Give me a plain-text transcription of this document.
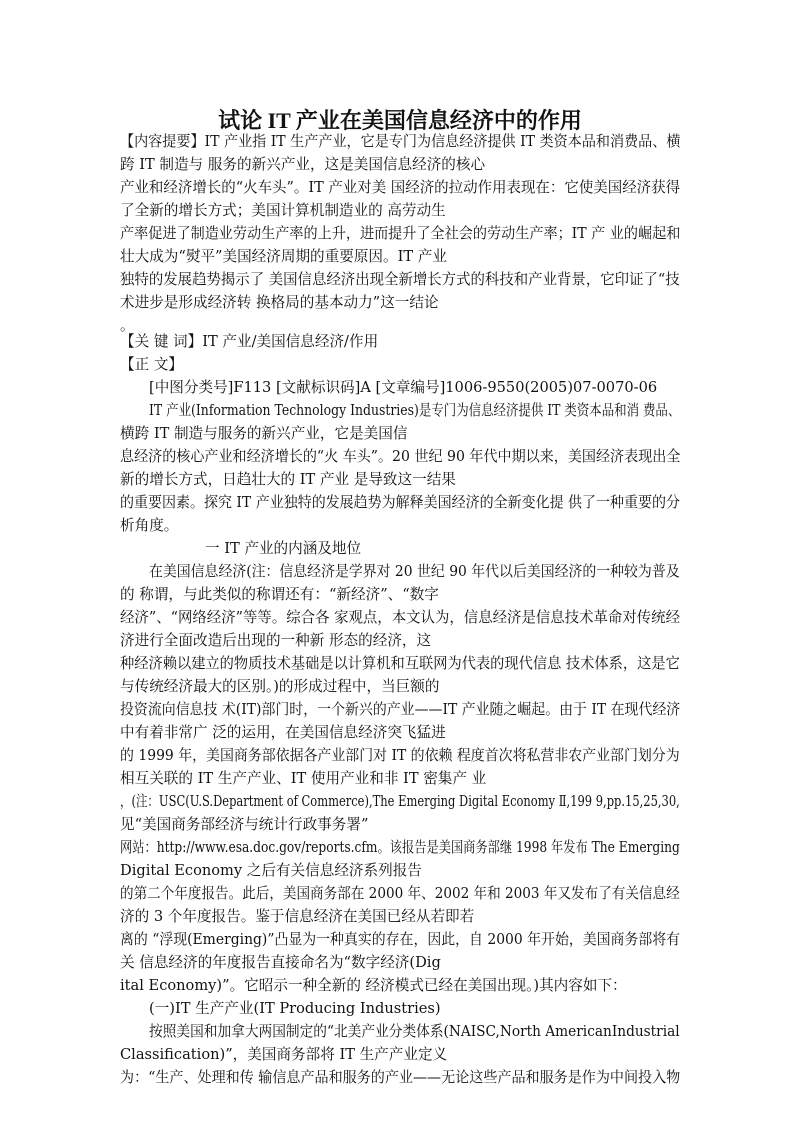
试论 IT 产业在美国信息经济中的作用
【内容提要】IT 产业指 IT 生产产业，它是专门为信息经济提供 IT 类资本品和消费品、横
跨 IT 制造与 服务的新兴产业，这是美国信息经济的核心
产业和经济增长的“火车头”。IT 产业对美 国经济的拉动作用表现在：它使美国经济获得
了全新的增长方式；美国计算机制造业的 高劳动生
产率促进了制造业劳动生产率的上升，进而提升了全社会的劳动生产率；IT 产 业的崛起和
壮大成为“熨平”美国经济周期的重要原因。IT 产业
独特的发展趋势揭示了 美国信息经济出现全新增长方式的科技和产业背景，它印证了“技
术进步是形成经济转 换格局的基本动力”这一结论
。
【关 键 词】IT 产业/美国信息经济/作用
【正 文】
[中图分类号]F113 [文献标识码]A [文章编号]1006-9550(2005)07-0070-06
IT 产业(Information Technology Industries)是专门为信息经济提供 IT 类资本品和消 费品、
横跨 IT 制造与服务的新兴产业，它是美国信
息经济的核心产业和经济增长的“火 车头”。20 世纪 90 年代中期以来，美国经济表现出全
新的增长方式，日趋壮大的 IT 产业 是导致这一结果
的重要因素。探究 IT 产业独特的发展趋势为解释美国经济的全新变化提 供了一种重要的分
析角度。
一 IT 产业的内涵及地位
在美国信息经济(注：信息经济是学界对 20 世纪 90 年代以后美国经济的一种较为普及
的 称谓，与此类似的称谓还有：“新经济”、“数字
经济”、“网络经济”等等。综合各 家观点，本文认为，信息经济是信息技术革命对传统经
济进行全面改造后出现的一种新 形态的经济，这
种经济赖以建立的物质技术基础是以计算机和互联网为代表的现代信息 技术体系，这是它
与传统经济最大的区别。)的形成过程中，当巨额的
投资流向信息技 术(IT)部门时，一个新兴的产业——IT 产业随之崛起。由于 IT 在现代经济
中有着非常广 泛的运用，在美国信息经济突飞猛进
的 1999 年，美国商务部依据各产业部门对 IT 的依赖 程度首次将私营非农产业部门划分为
相互关联的 IT 生产产业、IT 使用产业和非 IT 密集产 业
，(注：USC(U.S.Department of Commerce),The Emerging Digital Economy Ⅱ,199 9,pp.15,25,30,
见“美国商务部经济与统计行政事务署”
网站：http://www.esa.doc.gov/reports.cfm。该报告是美国商务部继 1998 年发布 The Emerging
Digital Economy 之后有关信息经济系列报告
的第二个年度报告。此后，美国商务部在 2000 年、2002 年和 2003 年又发布了有关信息经
济的 3 个年度报告。鉴于信息经济在美国已经从若即若
离的 “浮现(Emerging)”凸显为一种真实的存在，因此，自 2000 年开始，美国商务部将有
关 信息经济的年度报告直接命名为“数字经济(Dig
ital Economy)”。它昭示一种全新的 经济模式已经在美国出现。)其内容如下：
(一)IT 生产产业(IT Producing Industries)
按照美国和加拿大两国制定的“北美产业分类体系(NAISC,North AmericanIndustrial
Classification)”，美国商务部将 IT 生产产业定义
为：“生产、处理和传 输信息产品和服务的产业——无论这些产品和服务是作为中间投入物
